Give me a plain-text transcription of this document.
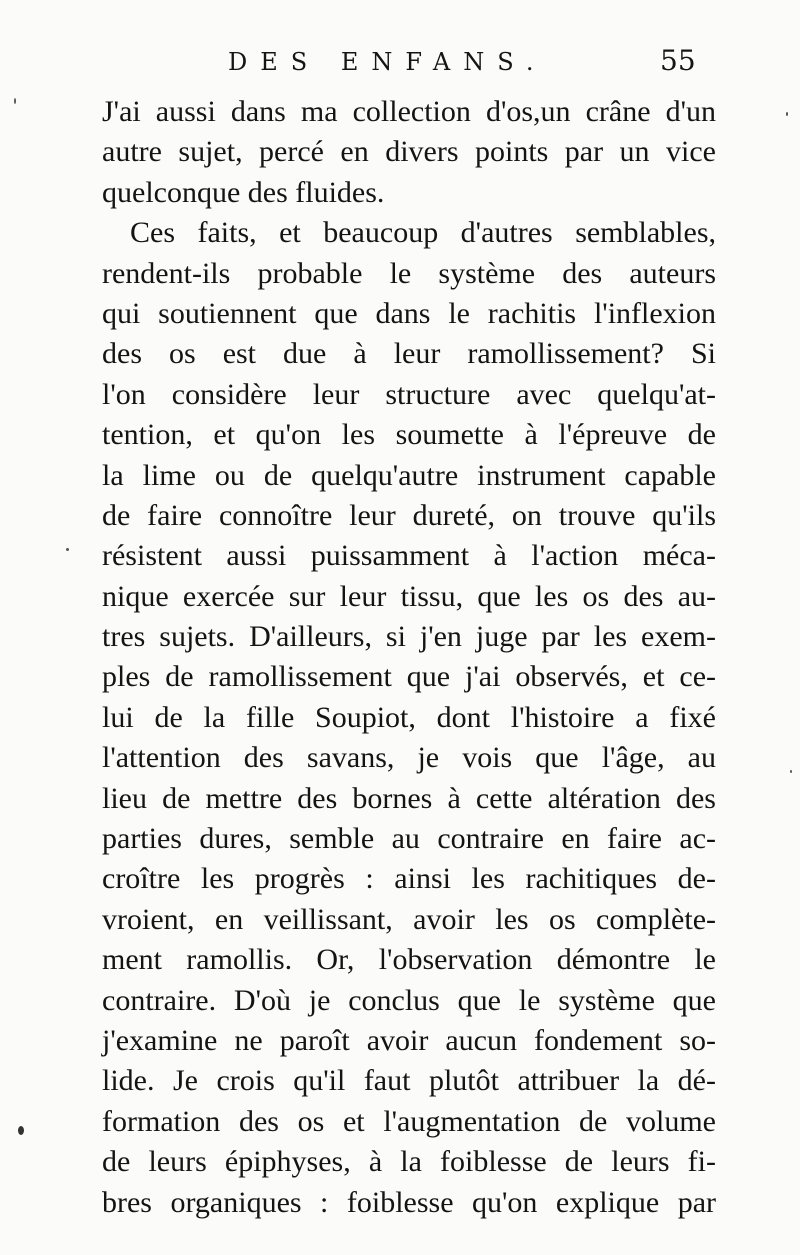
DES ENFANS.	55
J'ai aussi dans ma collection d'os,un crâne d'un
autre sujet, percé en divers points par un vice
quelconque des fluides.
Ces faits, et beaucoup d'autres semblables,
rendent-ils probable le système des auteurs
qui soutiennent que dans le rachitis l'inflexion
des os est due à leur ramollissement? Si
l'on considère leur structure avec quelqu'at-
tention, et qu'on les soumette à l'épreuve de
la lime ou de quelqu'autre instrument capable
de faire connoître leur dureté, on trouve qu'ils
résistent aussi puissamment à l'action méca-
nique exercée sur leur tissu, que les os des au-
tres sujets. D'ailleurs, si j'en juge par les exem-
ples de ramollissement que j'ai observés, et ce-
lui de la fille Soupiot, dont l'histoire a fixé
l'attention des savans, je vois que l'âge, au
lieu de mettre des bornes à cette altération des
parties dures, semble au contraire en faire ac-
croître les progrès : ainsi les rachitiques de-
vroient, en veillissant, avoir les os complète-
ment ramollis. Or, l'observation démontre le
contraire. D'où je conclus que le système que
j'examine ne paroît avoir aucun fondement so-
lide. Je crois qu'il faut plutôt attribuer la dé-
formation des os et l'augmentation de volume
de leurs épiphyses, à la foiblesse de leurs fi-
bres organiques : foiblesse qu'on explique par
